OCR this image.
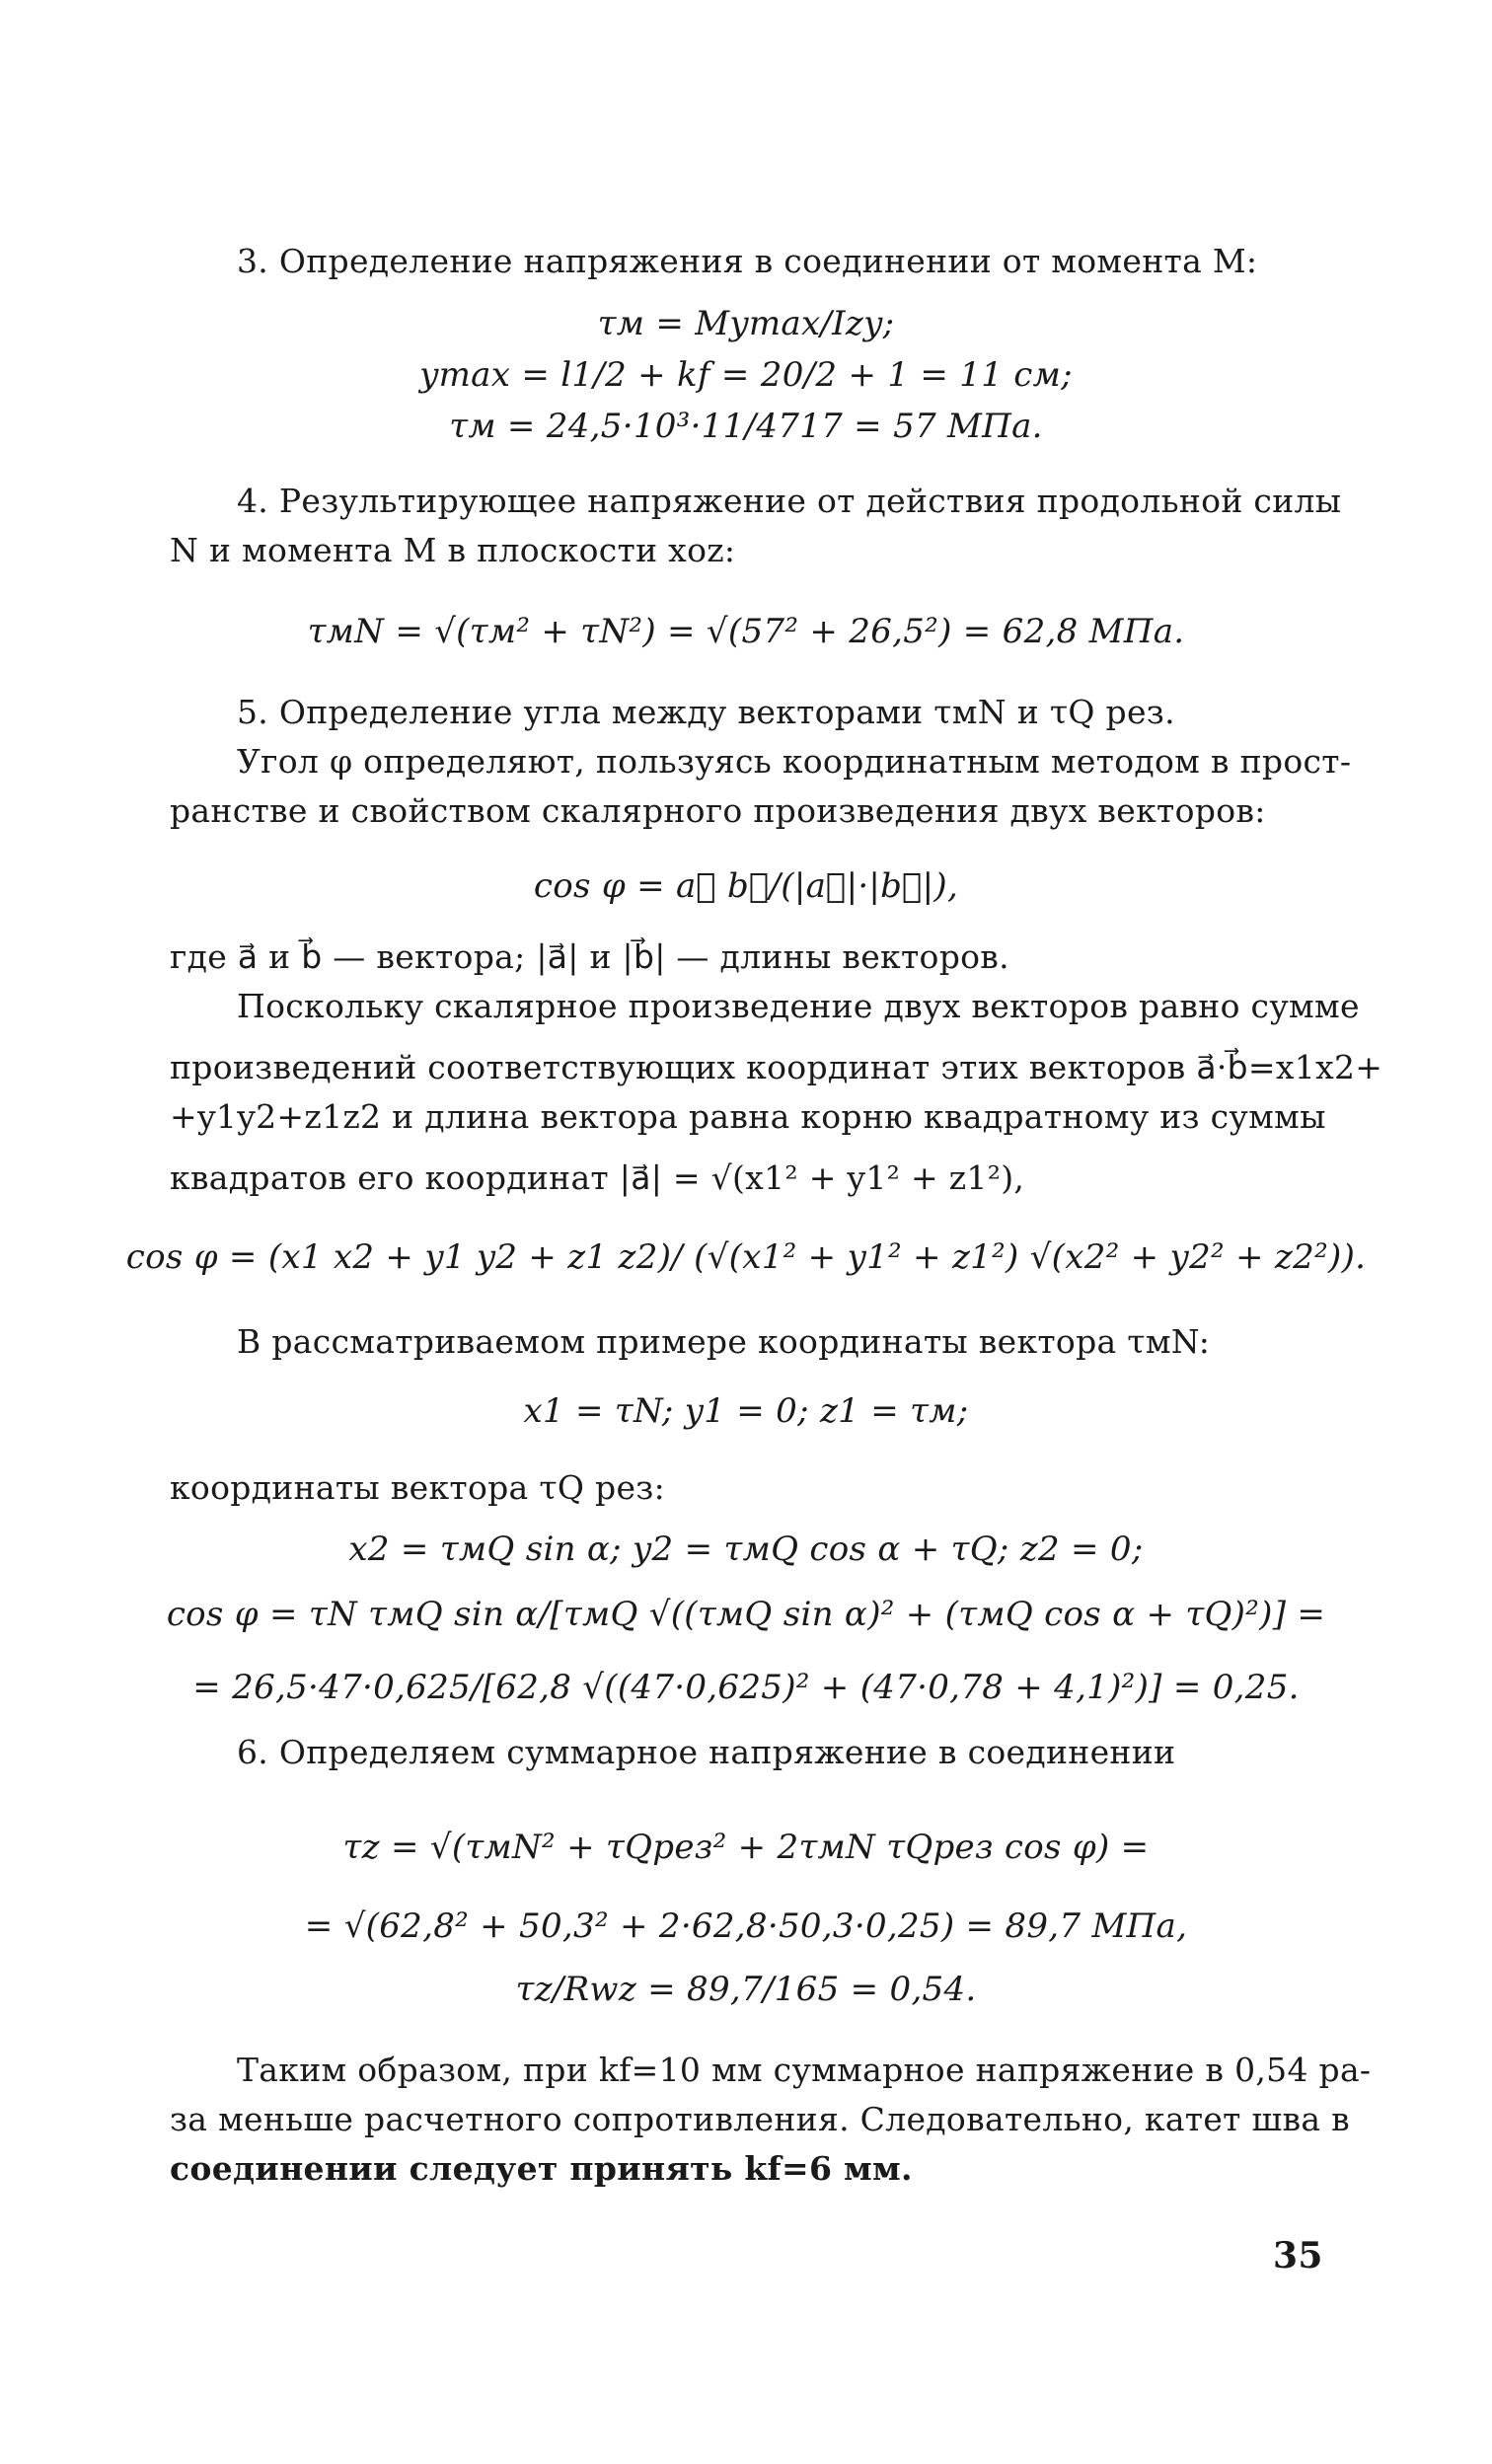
3. Определение напряжения в соединении от момента M:
τм = Mymax/Izy;
ymax = l1/2 + kf = 20/2 + 1 = 11 см;
τм = 24,5·10³·11/4717 = 57 МПа.
4. Результирующее напряжение от действия продольной силы
N и момента M в плоскости xoz:
τмN = √(τм² + τN²) = √(57² + 26,5²) = 62,8 МПа.
5. Определение угла между векторами τмN и τQ рез.
Угол φ определяют, пользуясь координатным методом в прост-
ранстве и свойством скалярного произведения двух векторов:
cos φ = a⃗ b⃗/(|a⃗|·|b⃗|),
где a⃗ и b⃗ — вектора; |a⃗| и |b⃗| — длины векторов.
Поскольку скалярное произведение двух векторов равно сумме
произведений соответствующих координат этих векторов a⃗·b⃗=x1x2+
+y1y2+z1z2 и длина вектора равна корню квадратному из суммы
квадратов его координат |a⃗| = √(x1² + y1² + z1²),
cos φ = (x1 x2 + y1 y2 + z1 z2)/ (√(x1² + y1² + z1²) √(x2² + y2² + z2²)).
В рассматриваемом примере координаты вектора τмN:
x1 = τN; y1 = 0; z1 = τм;
координаты вектора τQ рез:
x2 = τмQ sin α; y2 = τмQ cos α + τQ; z2 = 0;
cos φ = τN τмQ sin α/[τмQ √((τмQ sin α)² + (τмQ cos α + τQ)²)] =
= 26,5·47·0,625/[62,8 √((47·0,625)² + (47·0,78 + 4,1)²)] = 0,25.
6. Определяем суммарное напряжение в соединении
τz = √(τмN² + τQрез² + 2τмN τQрез cos φ) =
= √(62,8² + 50,3² + 2·62,8·50,3·0,25) = 89,7 МПа,
τz/Rwz = 89,7/165 = 0,54.
Таким образом, при kf=10 мм суммарное напряжение в 0,54 ра-
за меньше расчетного сопротивления. Следовательно, катет шва в
соединении следует принять kf=6 мм.
35
